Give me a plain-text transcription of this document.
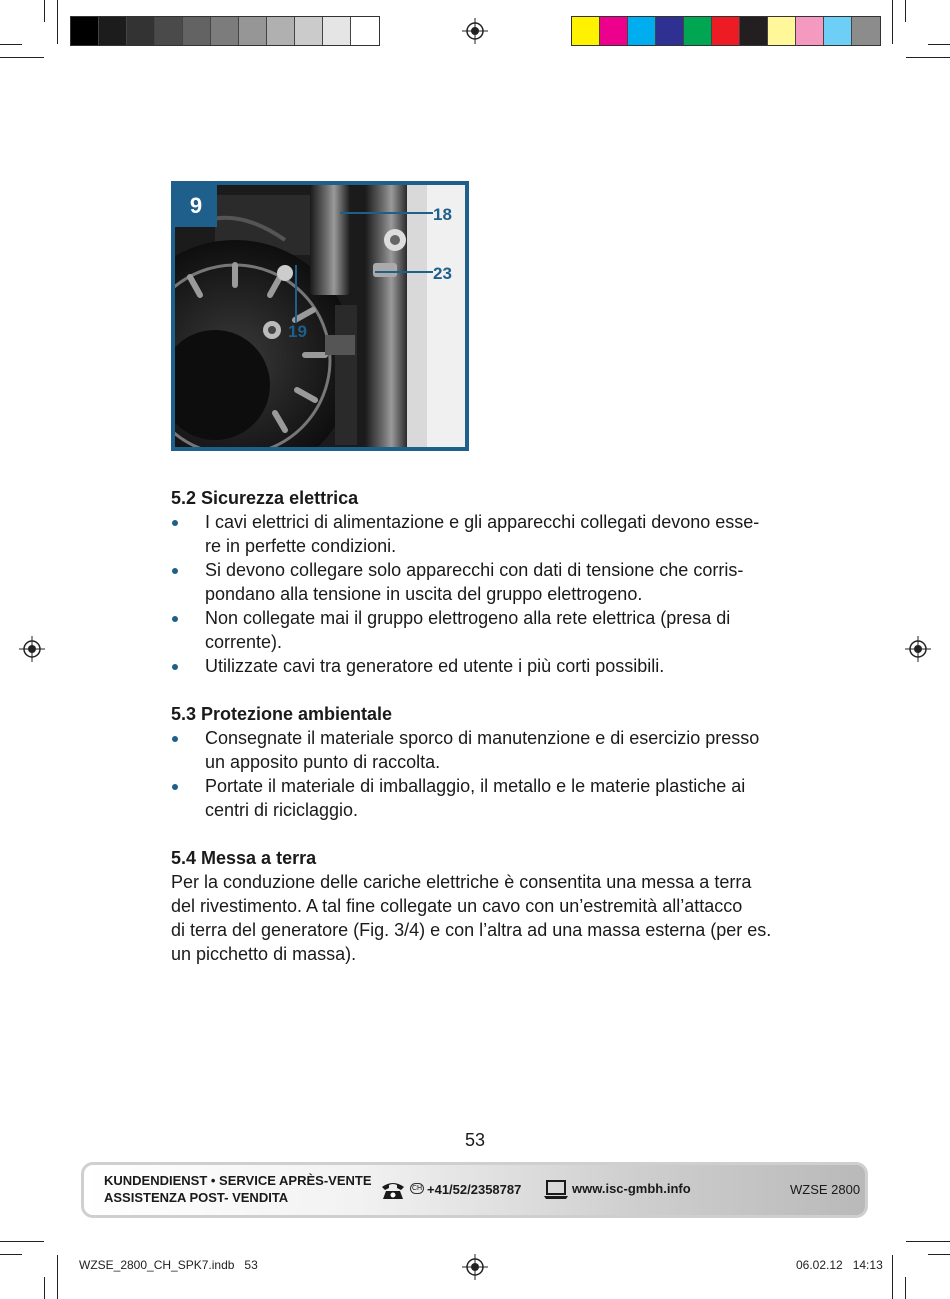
9	18
23
19
5.2 Sicurezza elettrica
I cavi elettrici di alimentazione e gli apparecchi collegati devono esse-
re in perfette condizioni.
Si devono collegare solo apparecchi con dati di tensione che corris-
pondano alla tensione in uscita del gruppo elettrogeno.
Non collegate mai il gruppo elettrogeno alla rete elettrica (presa di
corrente).
Utilizzate cavi tra generatore ed utente i più corti possibili.
5.3 Protezione ambientale
Consegnate il materiale sporco di manutenzione e di esercizio presso
un apposito punto di raccolta.
Portate il materiale di imballaggio, il metallo e le materie plastiche ai
centri di riciclaggio.
5.4 Messa a terra

Per la conduzione delle cariche elettriche è consentita una messa a terra
del rivestimento. A tal fine collegate un cavo con un’estremità all’attacco
di terra del generatore (Fig. 3/4) e con l’altra ad una massa esterna (per es.
un picchetto di massa).

53
KUNDENDIENST • SERVICE APRÈS-VENTE
ASSISTENZA POST- VENDITA
CH +41/52/2358787	www.isc-gmbh.info	WZSE 2800
WZSE_2800_CH_SPK7.indb   53	06.02.12   14:13
